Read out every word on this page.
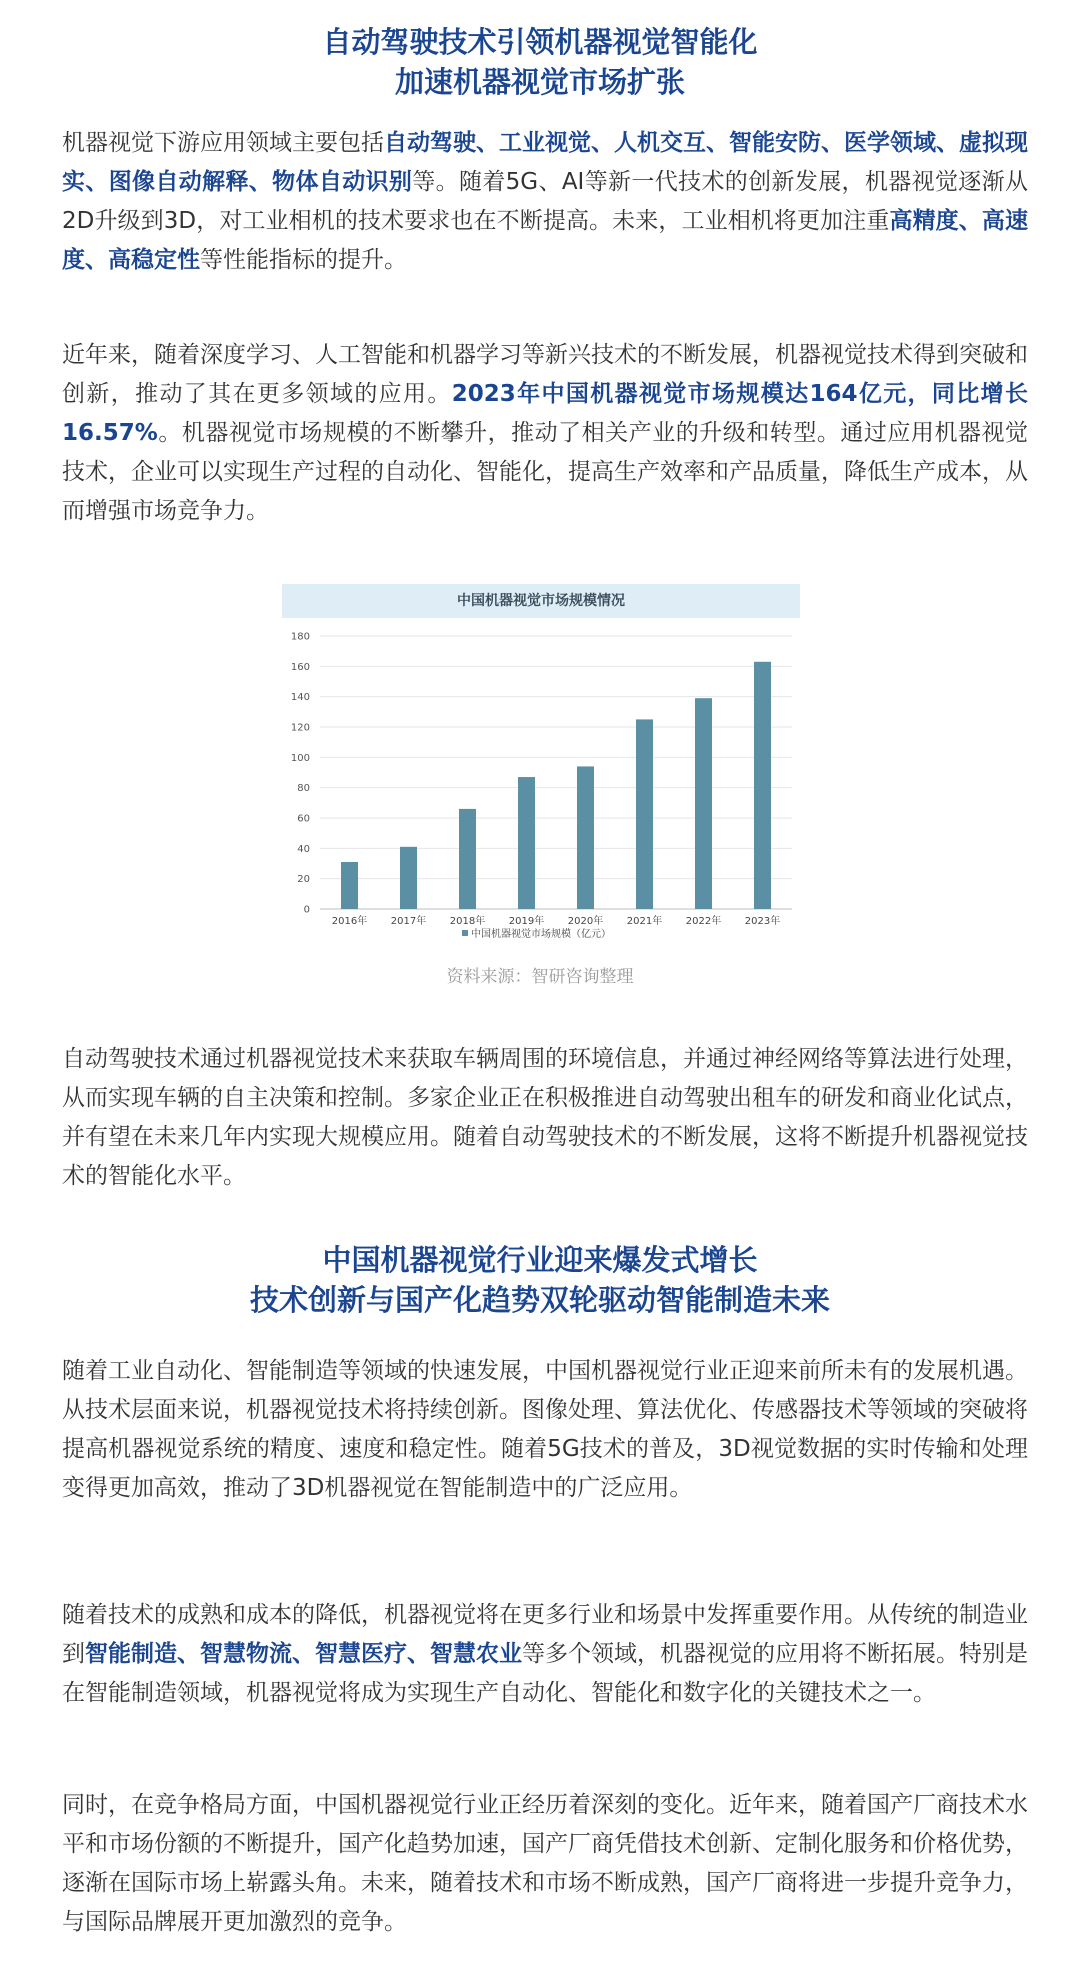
自动驾驶技术引领机器视觉智能化
加速机器视觉市场扩张

机器视觉下游应用领域主要包括自动驾驶、工业视觉、人机交互、智能安防、医学领域、虚拟现实、图像自动解释、物体自动识别等。随着5G、AI等新一代技术的创新发展，机器视觉逐渐从2D升级到3D，对工业相机的技术要求也在不断提高。未来，工业相机将更加注重高精度、高速度、高稳定性等性能指标的提升。

近年来，随着深度学习、人工智能和机器学习等新兴技术的不断发展，机器视觉技术得到突破和创新，推动了其在更多领域的应用。2023年中国机器视觉市场规模达164亿元，同比增长16.57%。机器视觉市场规模的不断攀升，推动了相关产业的升级和转型。通过应用机器视觉技术，企业可以实现生产过程的自动化、智能化，提高生产效率和产品质量，降低生产成本，从而增强市场竞争力。

中国机器视觉市场规模情况
0
20
40
60
80
100
120
140
160
180
2016年 2017年 2018年 2019年 2020年 2021年 2022年 2023年
中国机器视觉市场规模（亿元）
资料来源：智研咨询整理

自动驾驶技术通过机器视觉技术来获取车辆周围的环境信息，并通过神经网络等算法进行处理，从而实现车辆的自主决策和控制。多家企业正在积极推进自动驾驶出租车的研发和商业化试点，并有望在未来几年内实现大规模应用。随着自动驾驶技术的不断发展，这将不断提升机器视觉技术的智能化水平。

中国机器视觉行业迎来爆发式增长
技术创新与国产化趋势双轮驱动智能制造未来

随着工业自动化、智能制造等领域的快速发展，中国机器视觉行业正迎来前所未有的发展机遇。从技术层面来说，机器视觉技术将持续创新。图像处理、算法优化、传感器技术等领域的突破将提高机器视觉系统的精度、速度和稳定性。随着5G技术的普及，3D视觉数据的实时传输和处理变得更加高效，推动了3D机器视觉在智能制造中的广泛应用。

随着技术的成熟和成本的降低，机器视觉将在更多行业和场景中发挥重要作用。从传统的制造业到智能制造、智慧物流、智慧医疗、智慧农业等多个领域，机器视觉的应用将不断拓展。特别是在智能制造领域，机器视觉将成为实现生产自动化、智能化和数字化的关键技术之一。

同时，在竞争格局方面，中国机器视觉行业正经历着深刻的变化。近年来，随着国产厂商技术水平和市场份额的不断提升，国产化趋势加速，国产厂商凭借技术创新、定制化服务和价格优势，逐渐在国际市场上崭露头角。未来，随着技术和市场不断成熟，国产厂商将进一步提升竞争力，与国际品牌展开更加激烈的竞争。
